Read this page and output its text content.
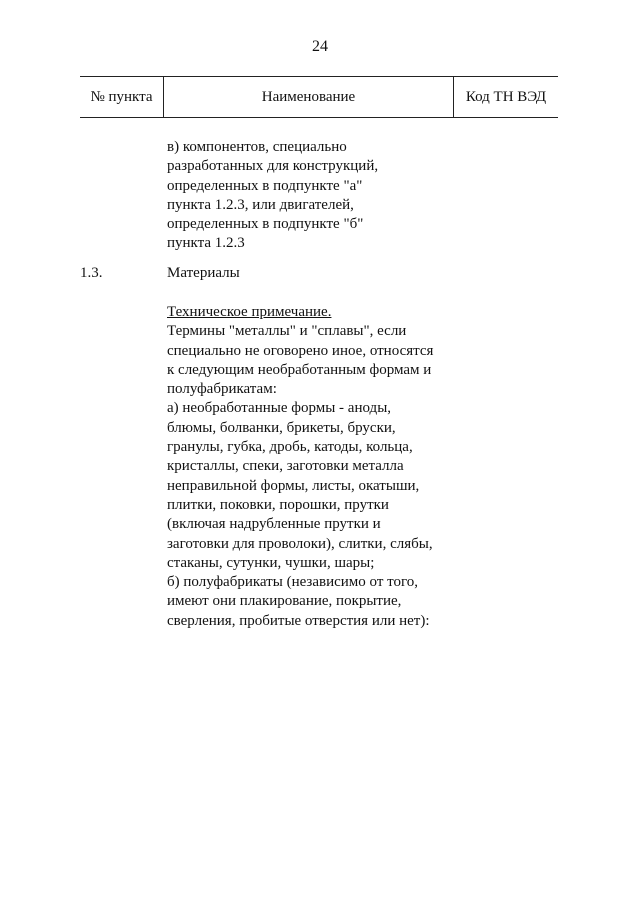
24
№ пункта	Наименование	Код ТН ВЭД
в) компонентов, специально
разработанных для конструкций,
определенных в подпункте "а"
пункта 1.2.3, или двигателей,
определенных в подпункте "б"
пункта 1.2.3
1.3.	Материалы
Техническое примечание.
Термины "металлы" и "сплавы", если
специально не оговорено иное, относятся
к следующим необработанным формам и
полуфабрикатам:
а) необработанные формы - аноды,
блюмы, болванки, брикеты, бруски,
гранулы, губка, дробь, катоды, кольца,
кристаллы, спеки, заготовки металла
неправильной формы, листы, окатыши,
плитки, поковки, порошки, прутки
(включая надрубленные прутки и
заготовки для проволоки), слитки, слябы,
стаканы, сутунки, чушки, шары;
б) полуфабрикаты (независимо от того,
имеют они плакирование, покрытие,
сверления, пробитые отверстия или нет):
